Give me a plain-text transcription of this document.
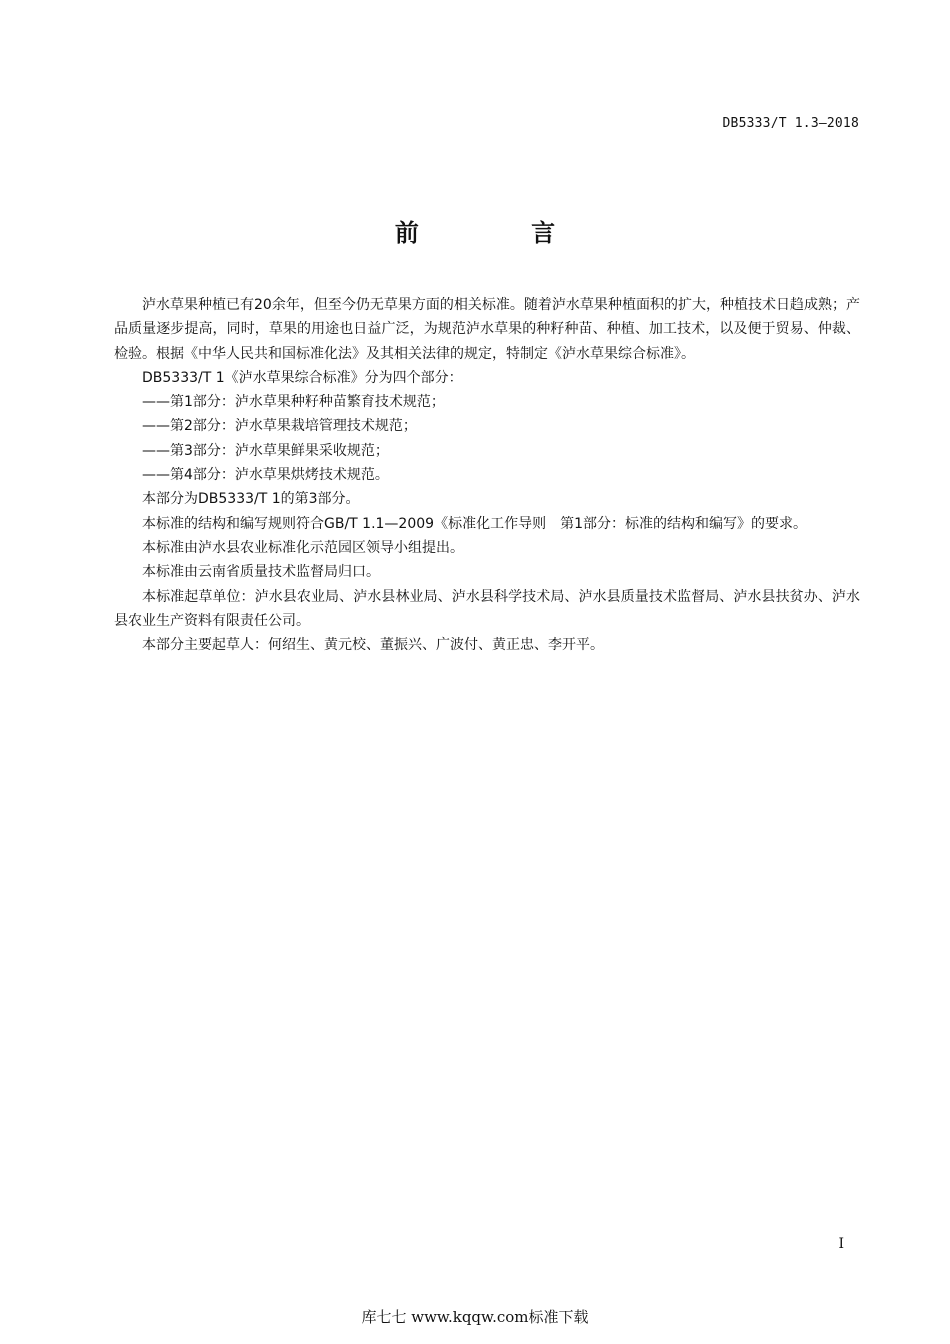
DB5333/T 1.3—2018
前 言

泸水草果种植已有20余年，但至今仍无草果方面的相关标准。随着泸水草果种植面积的扩大，种植技术日趋成熟；产品质量逐步提高，同时，草果的用途也日益广泛，为规范泸水草果的种籽种苗、种植、加工技术，以及便于贸易、仲裁、检验。根据《中华人民共和国标准化法》及其相关法律的规定，特制定《泸水草果综合标准》。

DB5333/T 1《泸水草果综合标准》分为四个部分：

——第1部分：泸水草果种籽种苗繁育技术规范；

——第2部分：泸水草果栽培管理技术规范；

——第3部分：泸水草果鲜果采收规范；

——第4部分：泸水草果烘烤技术规范。

本部分为DB5333/T 1的第3部分。

本标准的结构和编写规则符合GB/T 1.1—2009《标准化工作导则　第1部分：标准的结构和编写》的要求。

本标准由泸水县农业标准化示范园区领导小组提出。

本标准由云南省质量技术监督局归口。

本标准起草单位：泸水县农业局、泸水县林业局、泸水县科学技术局、泸水县质量技术监督局、泸水县扶贫办、泸水县农业生产资料有限责任公司。

本部分主要起草人：何绍生、黄元校、董振兴、广波付、黄正忠、李开平。

I
库七七 www.kqqw.com标准下载
